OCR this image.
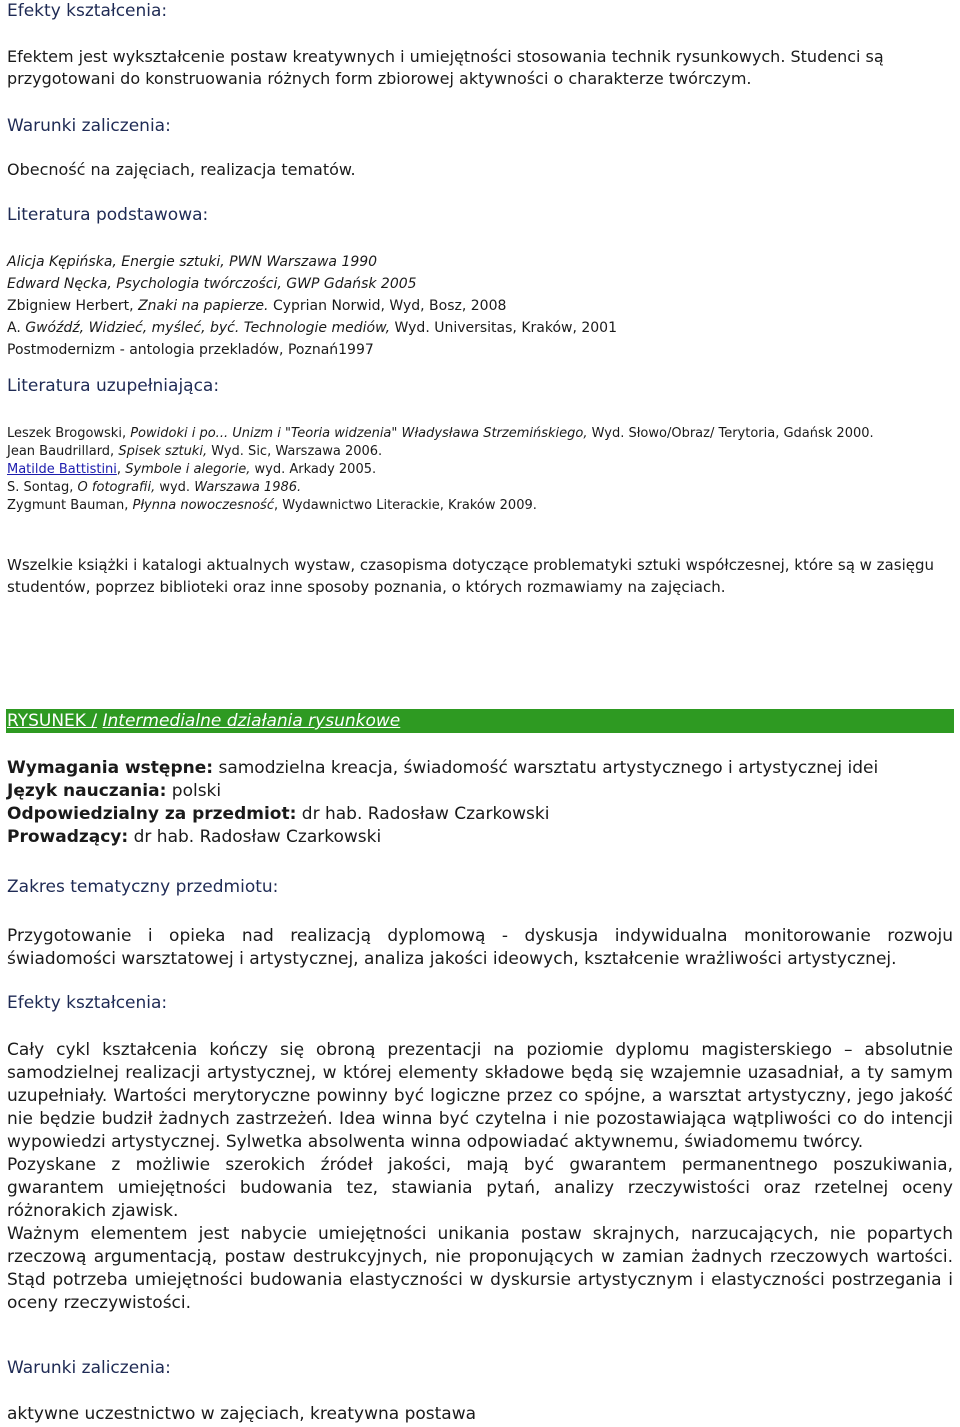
Efekty kształcenia:

Efektem jest wykształcenie postaw kreatywnych i umiejętności stosowania technik rysunkowych. Studenci są przygotowani do konstruowania różnych form zbiorowej aktywności o charakterze twórczym.

Warunki zaliczenia:

Obecność na zajęciach, realizacja tematów.

Literatura podstawowa:
Alicja Kępińska, Energie sztuki, PWN Warszawa 1990
Edward Nęcka, Psychologia twórczości, GWP Gdańsk 2005
Zbigniew Herbert, Znaki na papierze. Cyprian Norwid, Wyd, Bosz, 2008
A. Gwóźdź, Widzieć, myśleć, być. Technologie mediów, Wyd. Universitas, Kraków, 2001
Postmodernizm - antologia przekladów, Poznań1997
Literatura uzupełniająca:
Leszek Brogowski, Powidoki i po... Unizm i "Teoria widzenia" Władysława Strzemińskiego, Wyd. Słowo/Obraz/ Terytoria, Gdańsk 2000.
Jean Baudrillard, Spisek sztuki, Wyd. Sic, Warszawa 2006.
Matilde Battistini, Symbole i alegorie, wyd. Arkady 2005.
S. Sontag, O fotografii, wyd. Warszawa 1986.
Zygmunt Bauman, Płynna nowoczesność, Wydawnictwo Literackie, Kraków 2009.

Wszelkie książki i katalogi aktualnych wystaw, czasopisma dotyczące problematyki sztuki współczesnej, które są w zasięgu studentów, poprzez biblioteki oraz inne sposoby poznania, o których rozmawiamy na zajęciach.

RYSUNEK / Intermedialne działania rysunkowe
Wymagania wstępne: samodzielna kreacja, świadomość warsztatu artystycznego i artystycznej idei
Język nauczania: polski
Odpowiedzialny za przedmiot: dr hab. Radosław Czarkowski
Prowadzący: dr hab. Radosław Czarkowski
Zakres tematyczny przedmiotu:

Przygotowanie i opieka nad realizacją dyplomową - dyskusja indywidualna monitorowanie rozwoju świadomości warsztatowej i artystycznej, analiza jakości ideowych, kształcenie wrażliwości artystycznej.

Efekty kształcenia:
Cały cykl kształcenia kończy się obroną prezentacji na poziomie dyplomu magisterskiego – absolutnie samodzielnej realizacji artystycznej, w której elementy składowe będą się wzajemnie uzasadniał, a ty samym uzupełniały. Wartości merytoryczne powinny być logiczne przez co spójne, a warsztat artystyczny, jego jakość nie będzie budził żadnych zastrzeżeń. Idea winna być czytelna i nie pozostawiająca wątpliwości co do intencji wypowiedzi artystycznej. Sylwetka absolwenta winna odpowiadać aktywnemu, świadomemu twórcy.
Pozyskane z możliwie szerokich źródeł jakości, mają być gwarantem permanentnego poszukiwania, gwarantem umiejętności budowania tez, stawiania pytań, analizy rzeczywistości oraz rzetelnej oceny różnorakich zjawisk.
Ważnym elementem jest nabycie umiejętności unikania postaw skrajnych, narzucających, nie popartych rzeczową argumentacją, postaw destrukcyjnych, nie proponujących w zamian żadnych rzeczowych wartości. Stąd potrzeba umiejętności budowania elastyczności w dyskursie artystycznym i elastyczności postrzegania i oceny rzeczywistości.
Warunki zaliczenia:

aktywne uczestnictwo w zajęciach, kreatywna postawa
